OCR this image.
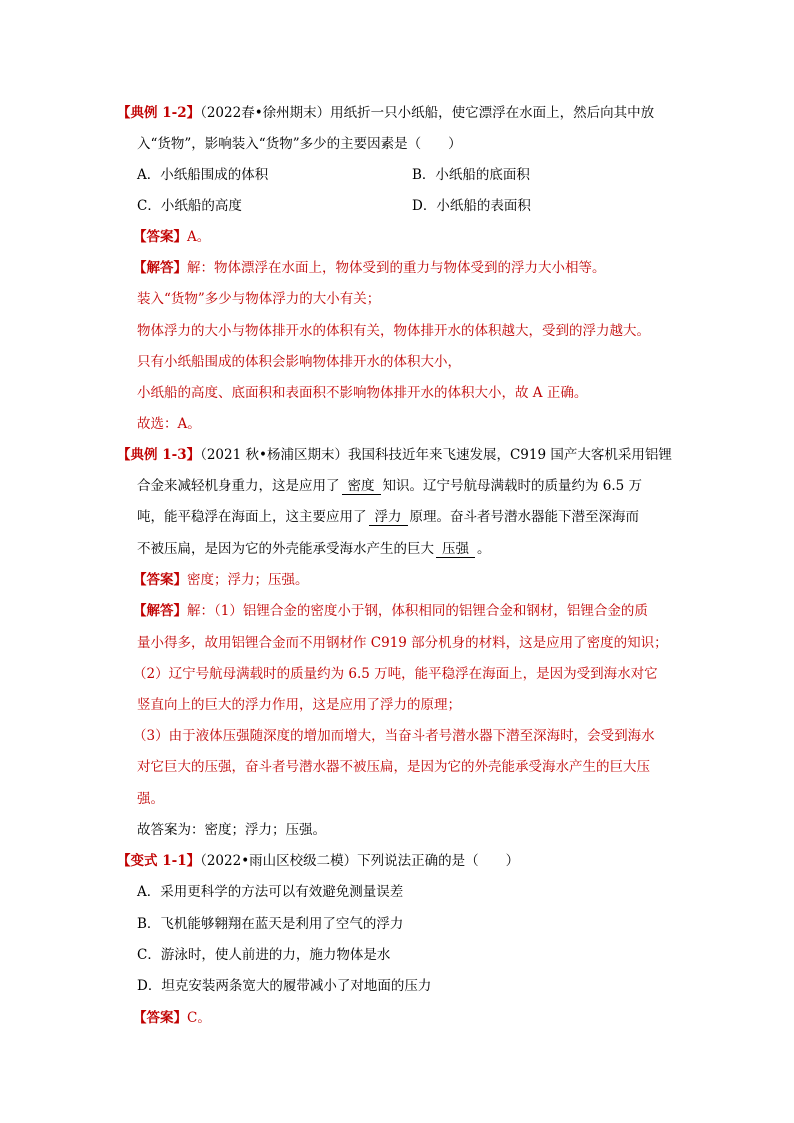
【典例 1-2】（2022春•徐州期末）用纸折一只小纸船，使它漂浮在水面上，然后向其中放
入“货物”，影响装入“货物”多少的主要因素是（　　）
A．小纸船围成的体积	B．小纸船的底面积
C．小纸船的高度	D．小纸船的表面积
【答案】A。
【解答】解：物体漂浮在水面上，物体受到的重力与物体受到的浮力大小相等。
装入“货物”多少与物体浮力的大小有关；
物体浮力的大小与物体排开水的体积有关，物体排开水的体积越大，受到的浮力越大。
只有小纸船围成的体积会影响物体排开水的体积大小，
小纸船的高度、底面积和表面积不影响物体排开水的体积大小，故 A 正确。
故选：A。
【典例 1-3】（2021 秋•杨浦区期末）我国科技近年来飞速发展，C919 国产大客机采用铝锂
合金来减轻机身重力，这是应用了 密度 知识。辽宁号航母满载时的质量约为 6.5 万
吨，能平稳浮在海面上，这主要应用了 浮力 原理。奋斗者号潜水器能下潜至深海而
不被压扁，是因为它的外壳能承受海水产生的巨大 压强 。
【答案】密度；浮力；压强。
【解答】解：（1）铝锂合金的密度小于钢，体积相同的铝锂合金和钢材，铝锂合金的质
量小得多，故用铝锂合金而不用钢材作 C919 部分机身的材料，这是应用了密度的知识；
（2）辽宁号航母满载时的质量约为 6.5 万吨，能平稳浮在海面上，是因为受到海水对它
竖直向上的巨大的浮力作用，这是应用了浮力的原理；
（3）由于液体压强随深度的增加而增大，当奋斗者号潜水器下潜至深海时，会受到海水
对它巨大的压强，奋斗者号潜水器不被压扁，是因为它的外壳能承受海水产生的巨大压
强。
故答案为：密度；浮力；压强。
【变式 1-1】（2022•雨山区校级二模）下列说法正确的是（　　）
A．采用更科学的方法可以有效避免测量误差
B．飞机能够翱翔在蓝天是利用了空气的浮力
C．游泳时，使人前进的力，施力物体是水
D．坦克安装两条宽大的履带减小了对地面的压力
【答案】C。
